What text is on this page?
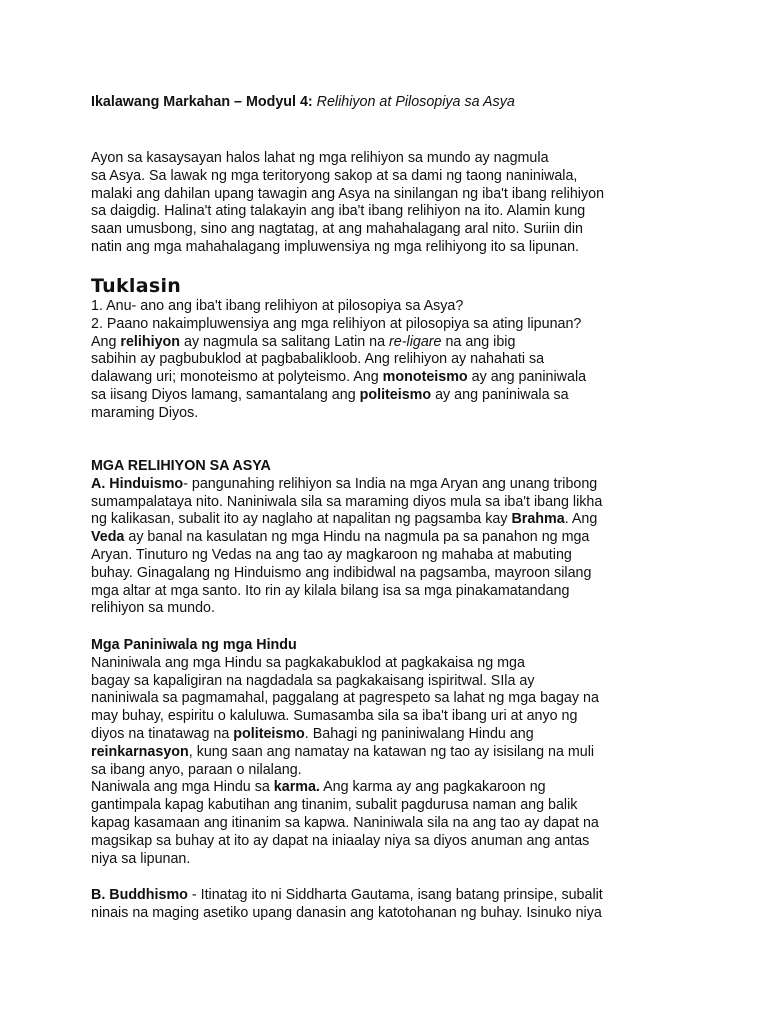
Ikalawang Markahan – Modyul 4: Relihiyon at Pilosopiya sa Asya
Ayon sa kasaysayan halos lahat ng mga relihiyon sa mundo ay nagmula
sa Asya. Sa lawak ng mga teritoryong sakop at sa dami ng taong naniniwala,
malaki ang dahilan upang tawagin ang Asya na sinilangan ng iba't ibang relihiyon
sa daigdig. Halina't ating talakayin ang iba't ibang relihiyon na ito. Alamin kung
saan umusbong, sino ang nagtatag, at ang mahahalagang aral nito. Suriin din
natin ang mga mahahalagang impluwensiya ng mga relihiyong ito sa lipunan.
Tuklasin
1. Anu- ano ang iba't ibang relihiyon at pilosopiya sa Asya?
2. Paano nakaimpluwensiya ang mga relihiyon at pilosopiya sa ating lipunan?
Ang relihiyon ay nagmula sa salitang Latin na re-ligare na ang ibig
sabihin ay pagbubuklod at pagbabalikloob. Ang relihiyon ay nahahati sa
dalawang uri; monoteismo at polyteismo. Ang monoteismo ay ang paniniwala
sa iisang Diyos lamang, samantalang ang politeismo ay ang paniniwala sa
maraming Diyos.
MGA RELIHIYON SA ASYA
A. Hinduismo- pangunahing relihiyon sa India na mga Aryan ang unang tribong
sumampalataya nito. Naniniwala sila sa maraming diyos mula sa iba't ibang likha
ng kalikasan, subalit ito ay naglaho at napalitan ng pagsamba kay Brahma. Ang
Veda ay banal na kasulatan ng mga Hindu na nagmula pa sa panahon ng mga
Aryan. Tinuturo ng Vedas na ang tao ay magkaroon ng mahaba at mabuting
buhay. Ginagalang ng Hinduismo ang indibidwal na pagsamba, mayroon silang
mga altar at mga santo. Ito rin ay kilala bilang isa sa mga pinakamatandang
relihiyon sa mundo.
Mga Paniniwala ng mga Hindu
Naniniwala ang mga Hindu sa pagkakabuklod at pagkakaisa ng mga
bagay sa kapaligiran na nagdadala sa pagkakaisang ispiritwal. SIla ay
naniniwala sa pagmamahal, paggalang at pagrespeto sa lahat ng mga bagay na
may buhay, espiritu o kaluluwa. Sumasamba sila sa iba't ibang uri at anyo ng
diyos na tinatawag na politeismo. Bahagi ng paniniwalang Hindu ang
reinkarnasyon, kung saan ang namatay na katawan ng tao ay isisilang na muli
sa ibang anyo, paraan o nilalang.
Naniwala ang mga Hindu sa karma. Ang karma ay ang pagkakaroon ng
gantimpala kapag kabutihan ang tinanim, subalit pagdurusa naman ang balik
kapag kasamaan ang itinanim sa kapwa. Naniniwala sila na ang tao ay dapat na
magsikap sa buhay at ito ay dapat na iniaalay niya sa diyos anuman ang antas
niya sa lipunan.
B. Buddhismo - Itinatag ito ni Siddharta Gautama, isang batang prinsipe, subalit
ninais na maging asetiko upang danasin ang katotohanan ng buhay. Isinuko niya
